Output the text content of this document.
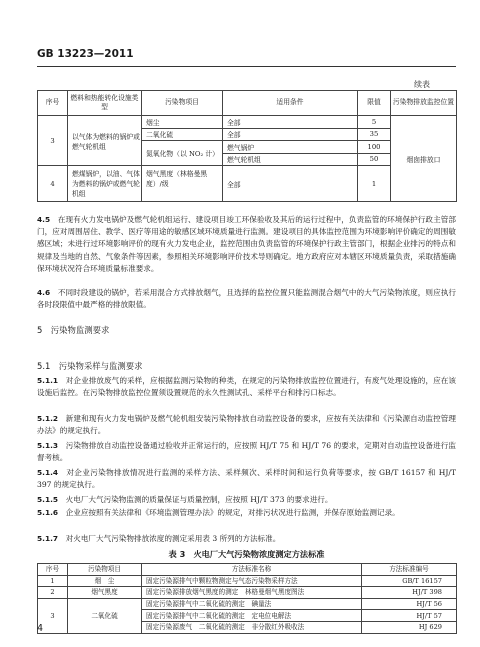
GB 13223—2011
续表
序号	燃料和热能转化设施类型	污染物项目	适用条件	限值	污染物排放监控位置
3	以气体为燃料的锅炉或燃气轮机组	烟尘	全部	5	烟囱排放口
		二氧化硫	全部	35	
		氮氧化物（以 NO₂ 计）	燃气锅炉	100	
			燃气轮机组	50	
4	燃煤锅炉，以油、气体为燃料的锅炉或燃气轮机组	烟气黑度（林格曼黑度）/级	全部	1	

4.5　 在现有火力发电锅炉及燃气轮机组运行、建设项目竣工环保验收及其后的运行过程中，负责监管的环境保护行政主管部门，应对周围居住、教学、医疗等用途的敏感区域环境质量进行监测。建设项目的具体监控范围为环境影响评价确定的周围敏感区域；未进行过环境影响评价的现有火力发电企业，监控范围由负责监管的环境保护行政主管部门，根据企业排污的特点和规律及当地的自然、气象条件等因素，参照相关环境影响评价技术导则确定。地方政府应对本辖区环境质量负责，采取措施确保环境状况符合环境质量标准要求。

4.6　 不同时段建设的锅炉，若采用混合方式排放烟气，且选择的监控位置只能监测混合烟气中的大气污染物浓度，则应执行各时段限值中最严格的排放限值。

5　 污染物监测要求

5.1　 污染物采样与监测要求

5.1.1　 对企业排放废气的采样，应根据监测污染物的种类，在规定的污染物排放监控位置进行，有废气处理设施的，应在该设施后监控。在污染物排放监控位置须设置规范的永久性测试孔、采样平台和排污口标志。

5.1.2　 新建和现有火力发电锅炉及燃气轮机组安装污染物排放自动监控设备的要求，应按有关法律和《污染源自动监控管理办法》的规定执行。

5.1.3　 污染物排放自动监控设备通过验收并正常运行的，应按照 HJ/T 75 和 HJ/T 76 的要求，定期对自动监控设备进行监督考核。

5.1.4　 对企业污染物排放情况进行监测的采样方法、采样频次、采样时间和运行负荷等要求，按 GB/T 16157 和 HJ/T 397 的规定执行。

5.1.5　 火电厂大气污染物监测的质量保证与质量控制，应按照 HJ/T 373 的要求进行。

5.1.6　 企业应按照有关法律和《环境监测管理办法》的规定，对排污状况进行监测，并保存原始监测记录。

5.1.7　 对火电厂大气污染物排放浓度的测定采用表 3 所列的方法标准。

表 3　火电厂大气污染物浓度测定方法标准
序号	污染物项目	方法标准名称	方法标准编号
1	烟　尘	固定污染源排气中颗粒物测定与气态污染物采样方法	GB/T 16157
2	烟气黑度	固定污染源排放烟气黑度的测定　林格曼烟气黑度图法	HJ/T 398
3	二氧化硫	固定污染源排气中二氧化硫的测定　碘量法	HJ/T 56
		固定污染源排气中二氧化硫的测定　定电位电解法	HJ/T 57
		固定污染源废气　二氧化硫的测定　非分散红外吸收法	HJ 629
4
